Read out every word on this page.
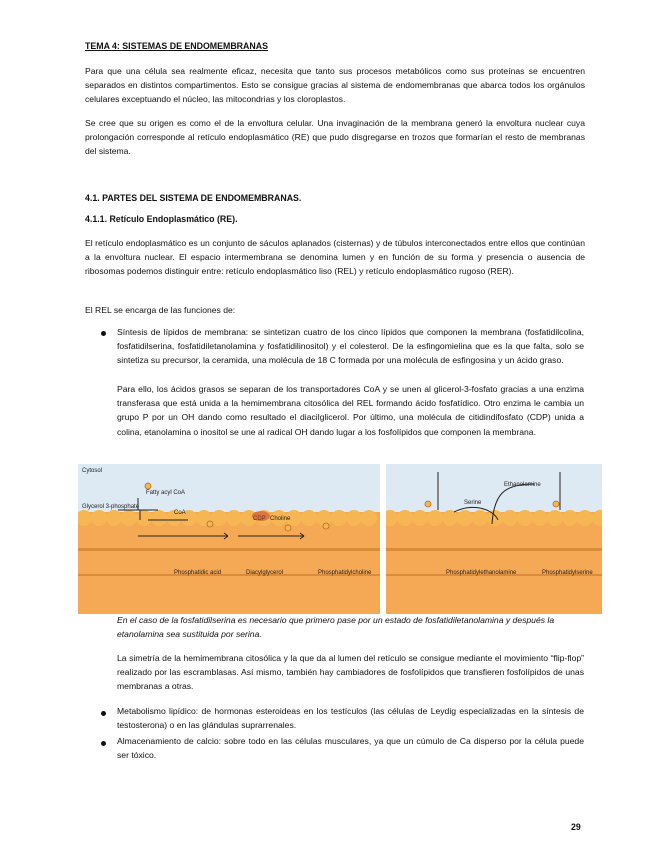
TEMA 4: SISTEMAS DE ENDOMEMBRANAS

Para que una célula sea realmente eficaz, necesita que tanto sus procesos metabólicos como sus proteínas se encuentren separados en distintos compartimentos. Esto se consigue gracias al sistema de endomembranas que abarca todos los orgánulos celulares exceptuando el núcleo, las mitocondrias y los cloroplastos.

Se cree que su origen es como el de la envoltura celular. Una invaginación de la membrana generó la envoltura nuclear cuya prolongación corresponde al retículo endoplasmático (RE) que pudo disgregarse en trozos que formarían el resto de membranas del sistema.

4.1. PARTES DEL SISTEMA DE ENDOMEMBRANAS.

4.1.1. Retículo Endoplasmático (RE).

El retículo endoplasmático es un conjunto de sáculos aplanados (cisternas) y de túbulos interconectados entre ellos que continúan a la envoltura nuclear. El espacio intermembrana se denomina lumen y en función de su forma y presencia o ausencia de ribosomas podemos distinguir entre: retículo endoplasmático liso (REL) y retículo endoplasmático rugoso (RER).

El REL se encarga de las funciones de:

Síntesis de lípidos de membrana: se sintetizan cuatro de los cinco lípidos que componen la membrana (fosfatidilcolina, fosfatidilserina, fosfatidiletanolamina y fosfatidilinositol) y el colesterol. De la esfingomielina que es la que falta, solo se sintetiza su precursor, la ceramida, una molécula de 18 C formada por una molécula de esfingosina y un ácido graso.

Para ello, los ácidos grasos se separan de los transportadores CoA y se unen al glicerol-3-fosfato gracias a una enzima transferasa que está unida a la hemimembrana citosólica del REL formando ácido fosfatídico. Otro enzima le cambia un grupo P por un OH dando como resultado el diacilglicerol. Por último, una molécula de citidindifosfato (CDP) unida a colina, etanolamina o inositol se une al radical OH dando lugar a los fosfolípidos que componen la membrana.

Cytosol
Glycerol 3-phosphate
Fatty acyl CoA
CoA
Phosphatidic acid	Diacylglycerol	Phosphatidylcholine
Choline
Ethanolamine
Serine
Phosphatidylethanolamine	Phosphatidylserine

En el caso de la fosfatidilserina es necesario que primero pase por un estado de fosfatidiletanolamina y después la etanolamina sea sustituida por serina.

La simetría de la hemimembrana citosólica y la que da al lumen del retículo se consigue mediante el movimiento “flip-flop” realizado por las escramblasas. Así mismo, también hay cambiadores de fosfolípidos que transfieren fosfolípidos de unas membranas a otras.

Metabolismo lipídico: de hormonas esteroideas en los testículos (las células de Leydig especializadas en la síntesis de testosterona) o en las glándulas suprarrenales.

Almacenamiento de calcio: sobre todo en las células musculares, ya que un cúmulo de Ca disperso por la célula puede ser tóxico.

29
